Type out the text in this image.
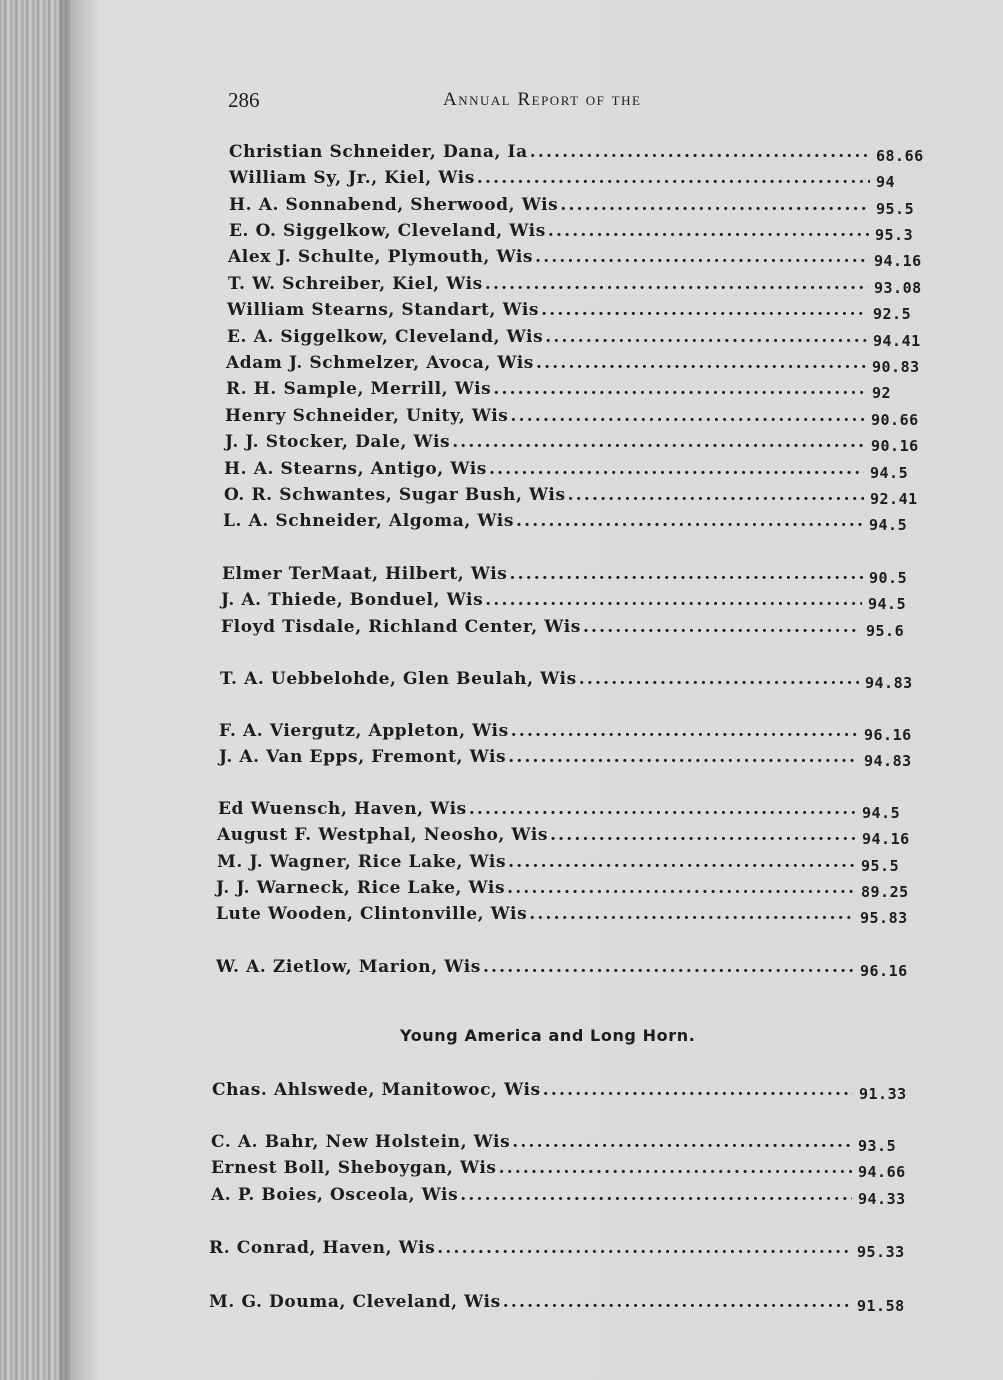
286	Annual Report of the
Christian Schneider, Dana, Ia .....	68.66
William Sy, Jr., Kiel, Wis .....	94
H. A. Sonnabend, Sherwood, Wis .....	95.5
E. O. Siggelkow, Cleveland, Wis .....	95.3
Alex J. Schulte, Plymouth, Wis .....	94.16
T. W. Schreiber, Kiel, Wis .....	93.08
William Stearns, Standart, Wis .....	92.5
E. A. Siggelkow, Cleveland, Wis .....	94.41
Adam J. Schmelzer, Avoca, Wis .....	90.83
R. H. Sample, Merrill, Wis .....	92
Henry Schneider, Unity, Wis .....	90.66
J. J. Stocker, Dale, Wis .....	90.16
H. A. Stearns, Antigo, Wis .....	94.5
O. R. Schwantes, Sugar Bush, Wis .....	92.41
L. A. Schneider, Algoma, Wis .....	94.5
Elmer TerMaat, Hilbert, Wis .....	90.5
J. A. Thiede, Bonduel, Wis .....	94.5
Floyd Tisdale, Richland Center, Wis .....	95.6
T. A. Uebbelohde, Glen Beulah, Wis .....	94.83
F. A. Viergutz, Appleton, Wis .....	96.16
J. A. Van Epps, Fremont, Wis .....	94.83
Ed Wuensch, Haven, Wis .....	94.5
August F. Westphal, Neosho, Wis .....	94.16
M. J. Wagner, Rice Lake, Wis .....	95.5
J. J. Warneck, Rice Lake, Wis .....	89.25
Lute Wooden, Clintonville, Wis .....	95.83
W. A. Zietlow, Marion, Wis .....	96.16
Young America and Long Horn.
Chas. Ahlswede, Manitowoc, Wis .....	91.33
C. A. Bahr, New Holstein, Wis .....	93.5
Ernest Boll, Sheboygan, Wis .....	94.66
A. P. Boies, Osceola, Wis .....	94.33
R. Conrad, Haven, Wis .....	95.33
M. G. Douma, Cleveland, Wis .....	91.58
